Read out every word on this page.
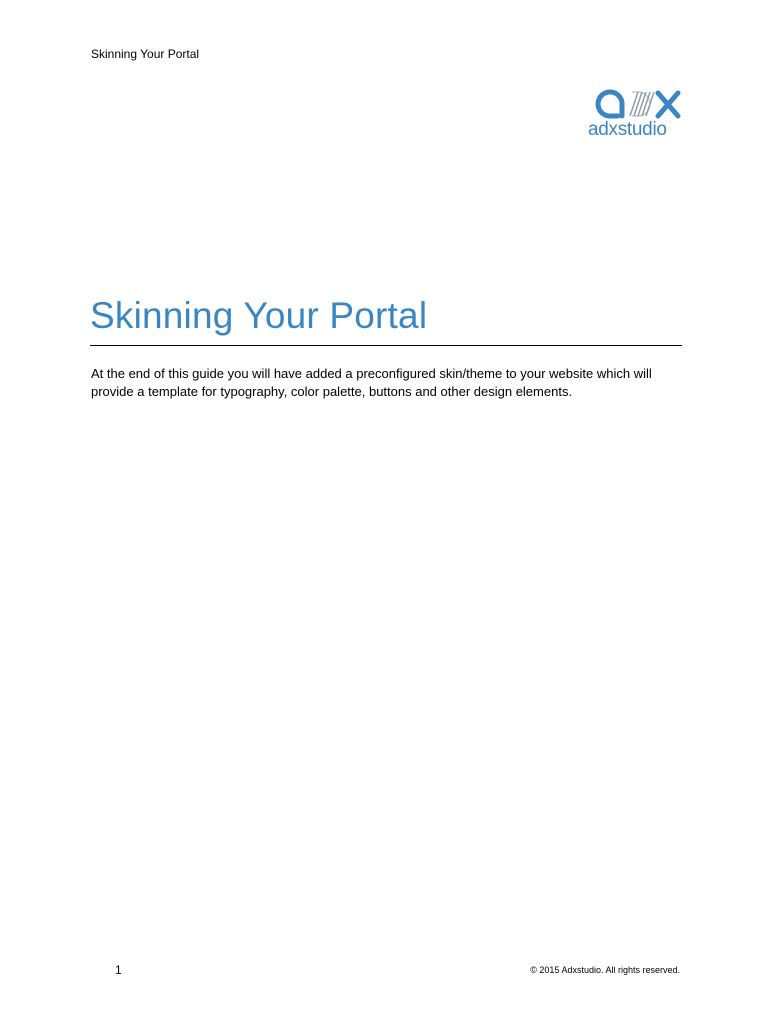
Skinning Your Portal
adxstudio
Skinning Your Portal

At the end of this guide you will have added a preconfigured skin/theme to your website which will provide a template for typography, color palette, buttons and other design elements.

1	© 2015 Adxstudio. All rights reserved.
